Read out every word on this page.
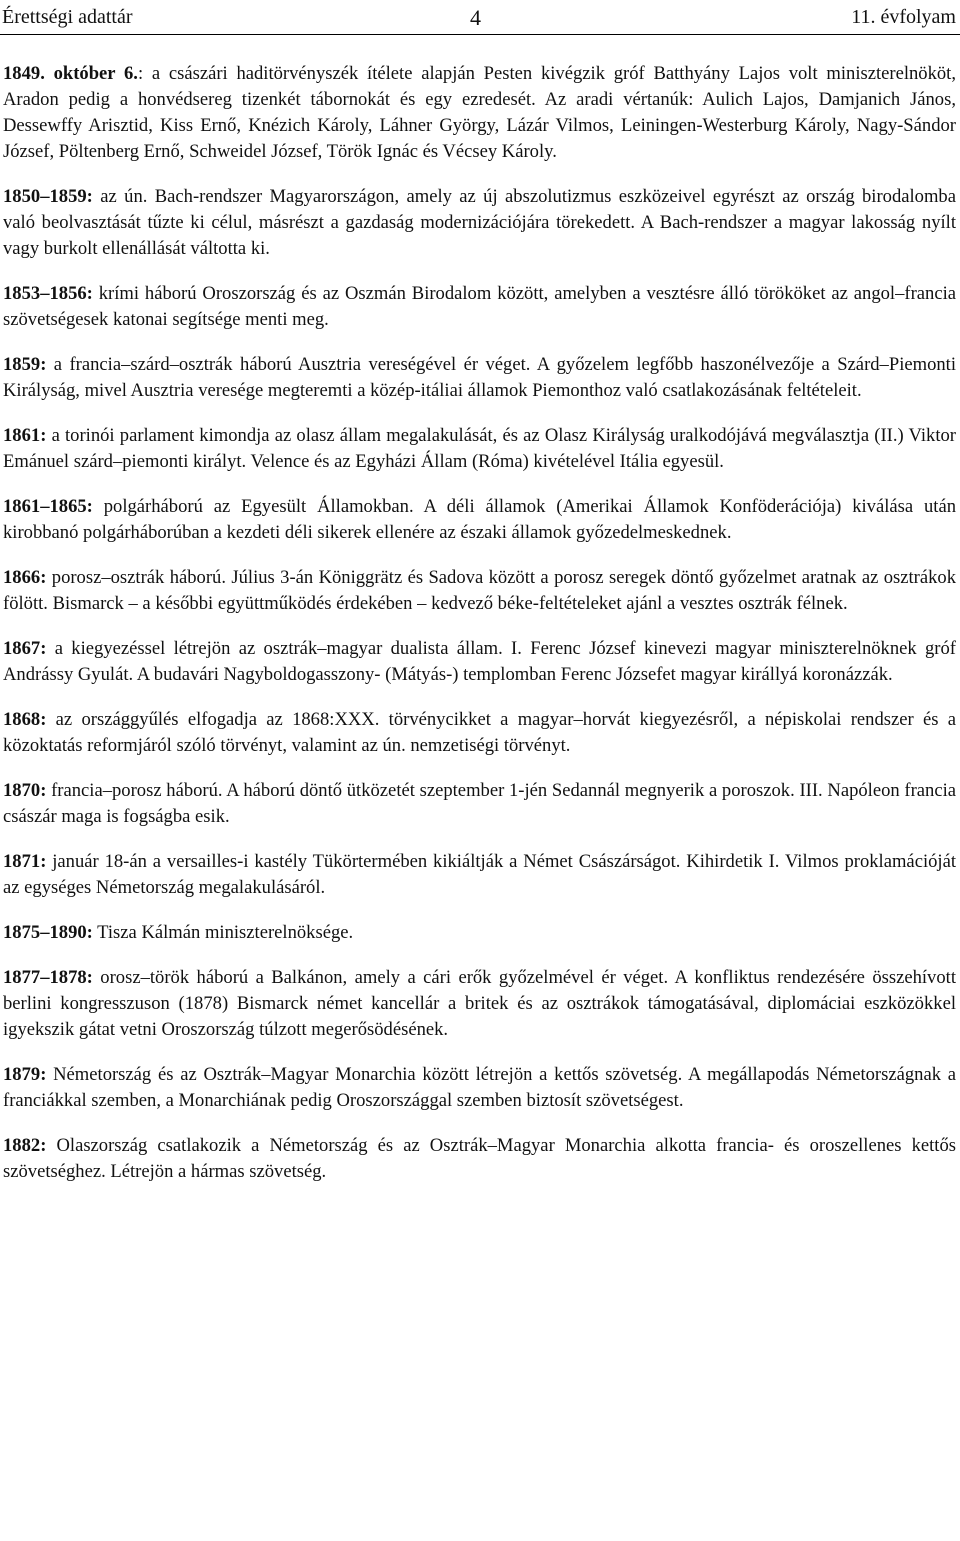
Érettségi adattár	4	11. évfolyam

1849. október 6.: a császári haditörvényszék ítélete alapján Pesten kivégzik gróf Batthyány Lajos volt miniszterelnököt, Aradon pedig a honvédsereg tizenkét tábornokát és egy ezredesét. Az aradi vértanúk: Aulich Lajos, Damjanich János, Dessewffy Arisztid, Kiss Ernő, Knézich Károly, Láhner György, Lázár Vilmos, Leiningen-Westerburg Károly, Nagy-Sándor József, Pöltenberg Ernő, Schweidel József, Török Ignác és Vécsey Károly.

1850–1859: az ún. Bach-rendszer Magyarországon, amely az új abszolutizmus eszközeivel egyrészt az ország birodalomba való beolvasztását tűzte ki célul, másrészt a gazdaság modernizációjára törekedett. A Bach-rendszer a magyar lakosság nyílt vagy burkolt ellenállását váltotta ki.

1853–1856: krími háború Oroszország és az Oszmán Birodalom között, amelyben a vesztésre álló törököket az angol–francia szövetségesek katonai segítsége menti meg.

1859: a francia–szárd–osztrák háború Ausztria vereségével ér véget. A győzelem legfőbb haszonélvezője a Szárd–Piemonti Királyság, mivel Ausztria veresége megteremti a közép-itáliai államok Piemonthoz való csatlakozásának feltételeit.

1861: a torinói parlament kimondja az olasz állam megalakulását, és az Olasz Királyság uralkodójává megválasztja (II.) Viktor Emánuel szárd–piemonti királyt. Velence és az Egyházi Állam (Róma) kivételével Itália egyesül.

1861–1865: polgárháború az Egyesült Államokban. A déli államok (Amerikai Államok Konföderációja) kiválása után kirobbanó polgárháborúban a kezdeti déli sikerek ellenére az északi államok győzedelmeskednek.

1866: porosz–osztrák háború. Július 3-án Königgrätz és Sadova között a porosz seregek döntő győzelmet aratnak az osztrákok fölött. Bismarck – a későbbi együttműködés érdekében – kedvező béke-feltételeket ajánl a vesztes osztrák félnek.

1867: a kiegyezéssel létrejön az osztrák–magyar dualista állam. I. Ferenc József kinevezi magyar miniszterelnöknek gróf Andrássy Gyulát. A budavári Nagyboldogasszony- (Mátyás-) templomban Ferenc Józsefet magyar királlyá koronázzák.

1868: az országgyűlés elfogadja az 1868:XXX. törvénycikket a magyar–horvát kiegyezésről, a népiskolai rendszer és a közoktatás reformjáról szóló törvényt, valamint az ún. nemzetiségi törvényt.

1870: francia–porosz háború. A háború döntő ütközetét szeptember 1-jén Sedannál megnyerik a poroszok. III. Napóleon francia császár maga is fogságba esik.

1871: január 18-án a versailles-i kastély Tükörtermében kikiáltják a Német Császárságot. Kihirdetik I. Vilmos proklamációját az egységes Németország megalakulásáról.

1875–1890: Tisza Kálmán miniszterelnöksége.

1877–1878: orosz–török háború a Balkánon, amely a cári erők győzelmével ér véget. A konfliktus rendezésére összehívott berlini kongresszuson (1878) Bismarck német kancellár a britek és az osztrákok támogatásával, diplomáciai eszközökkel igyekszik gátat vetni Oroszország túlzott megerősödésének.

1879: Németország és az Osztrák–Magyar Monarchia között létrejön a kettős szövetség. A megállapodás Németországnak a franciákkal szemben, a Monarchiának pedig Oroszországgal szemben biztosít szövetségest.

1882: Olaszország csatlakozik a Németország és az Osztrák–Magyar Monarchia alkotta francia- és oroszellenes kettős szövetséghez. Létrejön a hármas szövetség.
